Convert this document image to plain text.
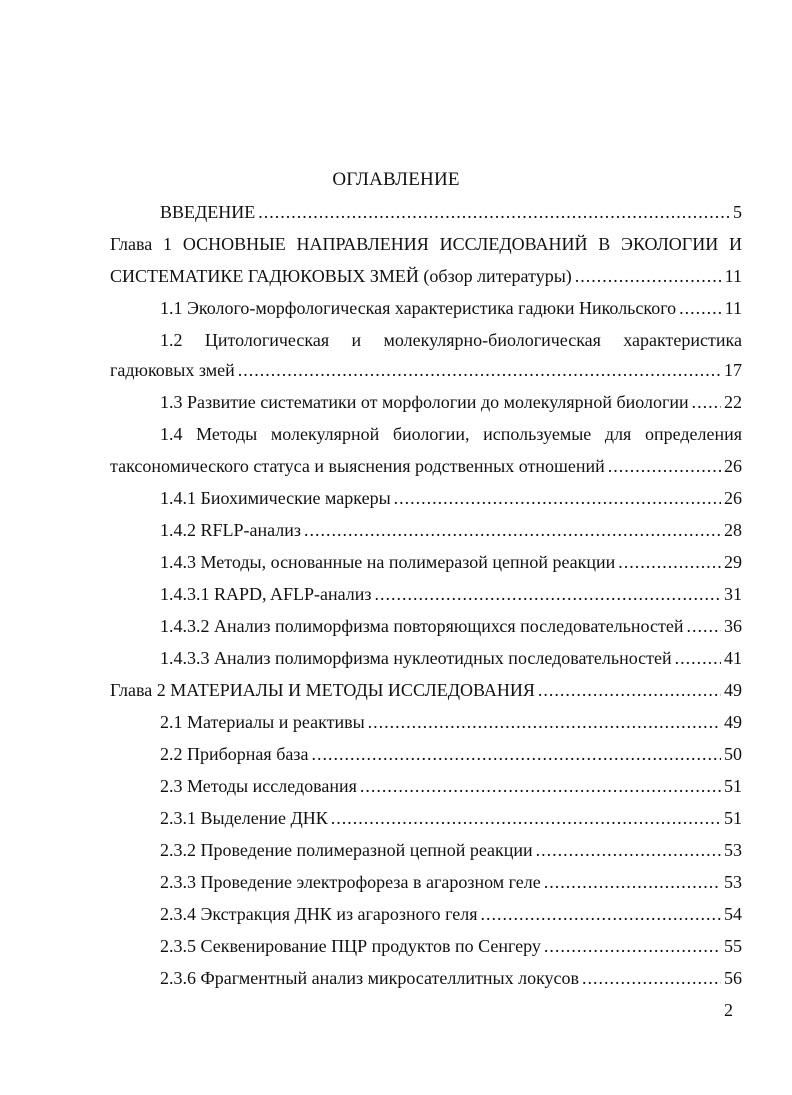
ОГЛАВЛЕНИЕ
ВВЕДЕНИЕ .....	5
Глава 1 ОСНОВНЫЕ НАПРАВЛЕНИЯ ИССЛЕДОВАНИЙ В ЭКОЛОГИИ И
СИСТЕМАТИКЕ ГАДЮКОВЫХ ЗМЕЙ (обзор литературы) .....	11
1.1 Эколого-морфологическая характеристика гадюки Никольского .....	11
1.2 Цитологическая и молекулярно-биологическая характеристика
гадюковых змей .....	17
1.3 Развитие систематики от морфологии до молекулярной биологии ..... 22
1.4 Методы молекулярной биологии, используемые для определения
таксономического статуса и выяснения родственных отношений .....	26
1.4.1 Биохимические маркеры .....	26
1.4.2 RFLP-анализ .....	28
1.4.3 Методы, основанные на полимеразой цепной реакции .....	29
1.4.3.1 RAPD, AFLP-анализ .....	31
1.4.3.2 Анализ полиморфизма повторяющихся последовательностей ..... 36
1.4.3.3 Анализ полиморфизма нуклеотидных последовательностей .....	41
Глава 2 МАТЕРИАЛЫ И МЕТОДЫ ИССЛЕДОВАНИЯ .....	49
2.1 Материалы и реактивы .....	49
2.2 Приборная база .....	50
2.3 Методы исследования .....	51
2.3.1 Выделение ДНК .....	51
2.3.2 Проведение полимеразной цепной реакции .....	53
2.3.3 Проведение электрофореза в агарозном геле .....	53
2.3.4 Экстракция ДНК из агарозного геля .....	54
2.3.5 Секвенирование ПЦР продуктов по Сенгеру .....	55
2.3.6 Фрагментный анализ микросателлитных локусов .....	56
2
